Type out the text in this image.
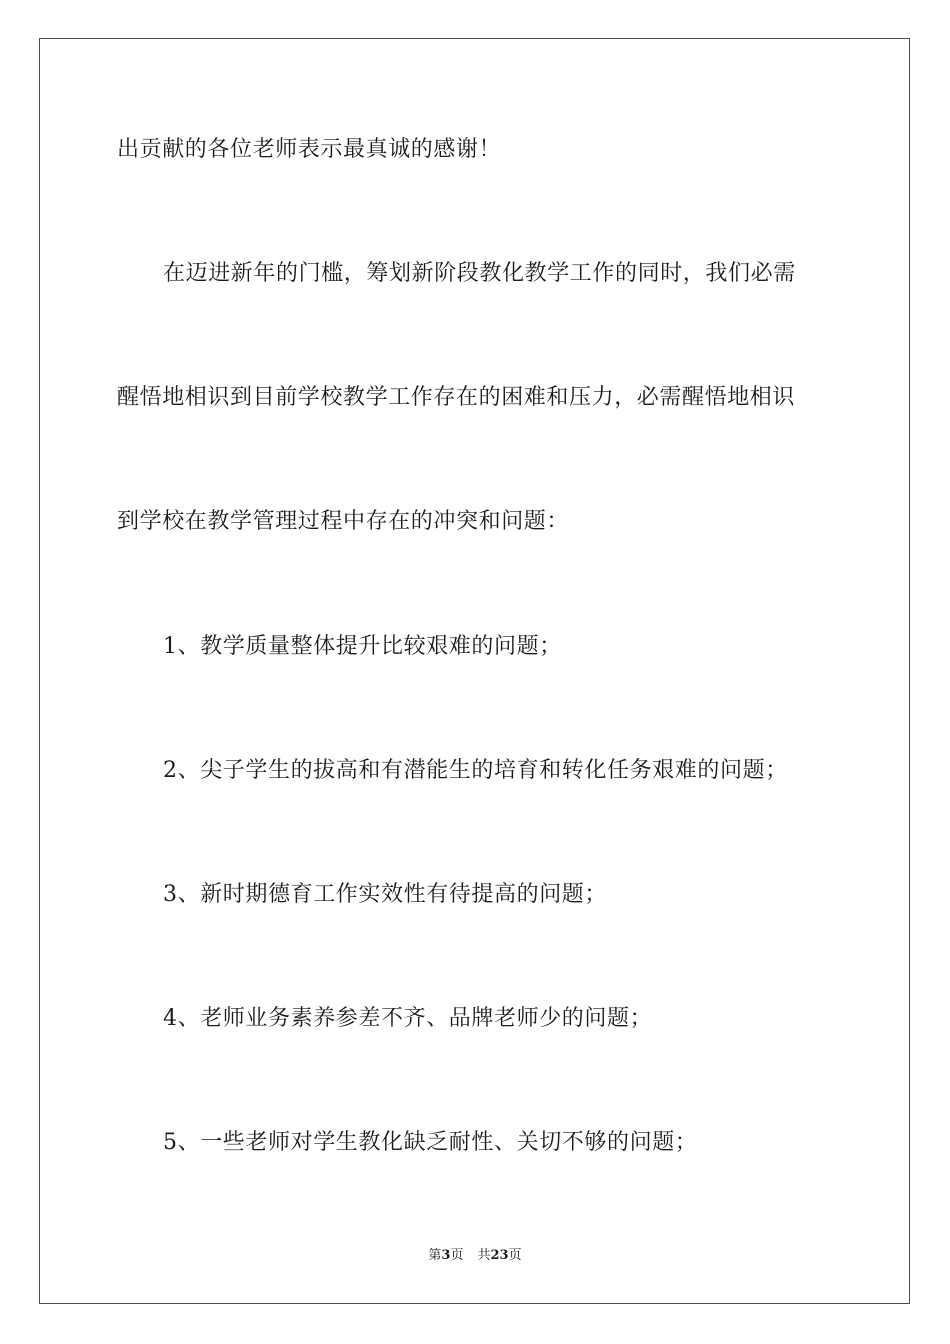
出贡献的各位老师表示最真诚的感谢！
在迈进新年的门槛，筹划新阶段教化教学工作的同时，我们必需
醒悟地相识到目前学校教学工作存在的困难和压力，必需醒悟地相识
到学校在教学管理过程中存在的冲突和问题：
1、教学质量整体提升比较艰难的问题；
2、尖子学生的拔高和有潜能生的培育和转化任务艰难的问题；
3、新时期德育工作实效性有待提高的问题；
4、老师业务素养参差不齐、品牌老师少的问题；
5、一些老师对学生教化缺乏耐性、关切不够的问题；
第3页 共23页
